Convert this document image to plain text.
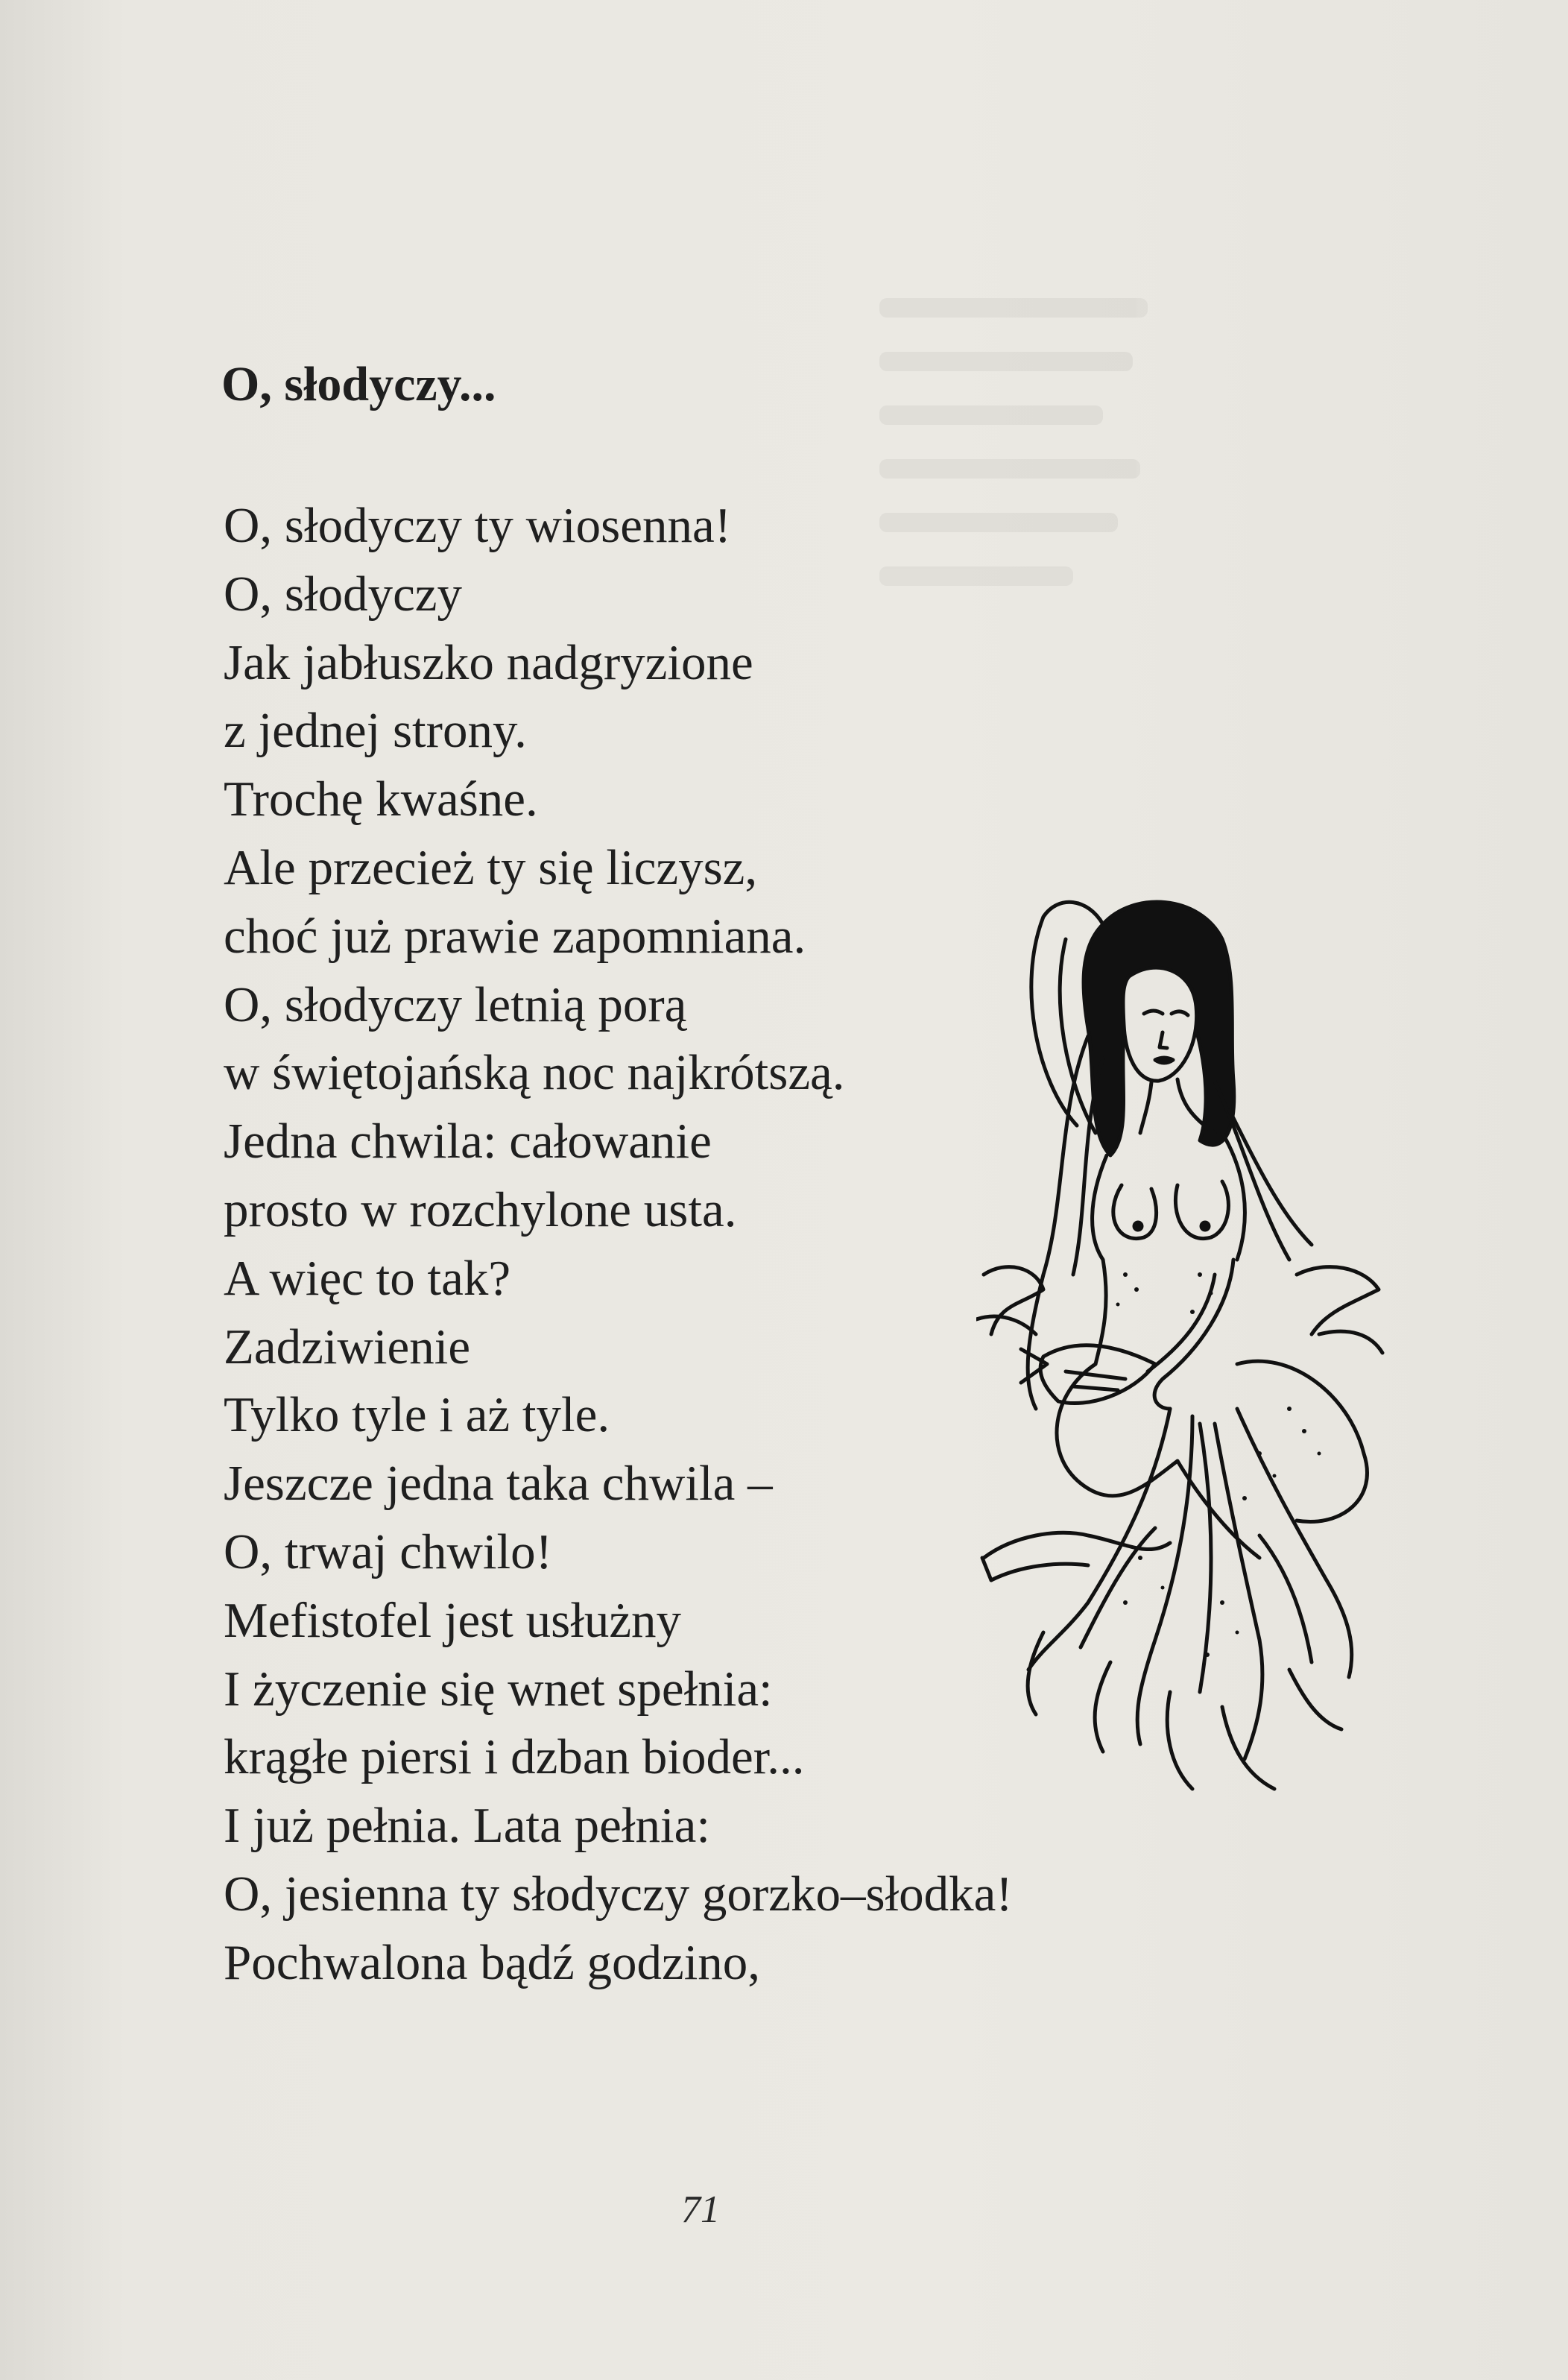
O, słodyczy...
O, słodyczy ty wiosenna!
O, słodyczy
Jak jabłuszko nadgryzione
z jednej strony.
Trochę kwaśne.
Ale przecież ty się liczysz,
choć już prawie zapomniana.
O, słodyczy letnią porą
w świętojańską noc najkrótszą.
Jedna chwila: całowanie
prosto w rozchylone usta.
A więc to tak?
Zadziwienie
Tylko tyle i aż tyle.
Jeszcze jedna taka chwila –
O, trwaj chwilo!
Mefistofel jest usłużny
I życzenie się wnet spełnia:
krągłe piersi i dzban bioder...
I już pełnia. Lata pełnia:
O, jesienna ty słodyczy gorzko–słodka!
Pochwalona bądź godzino,
71
